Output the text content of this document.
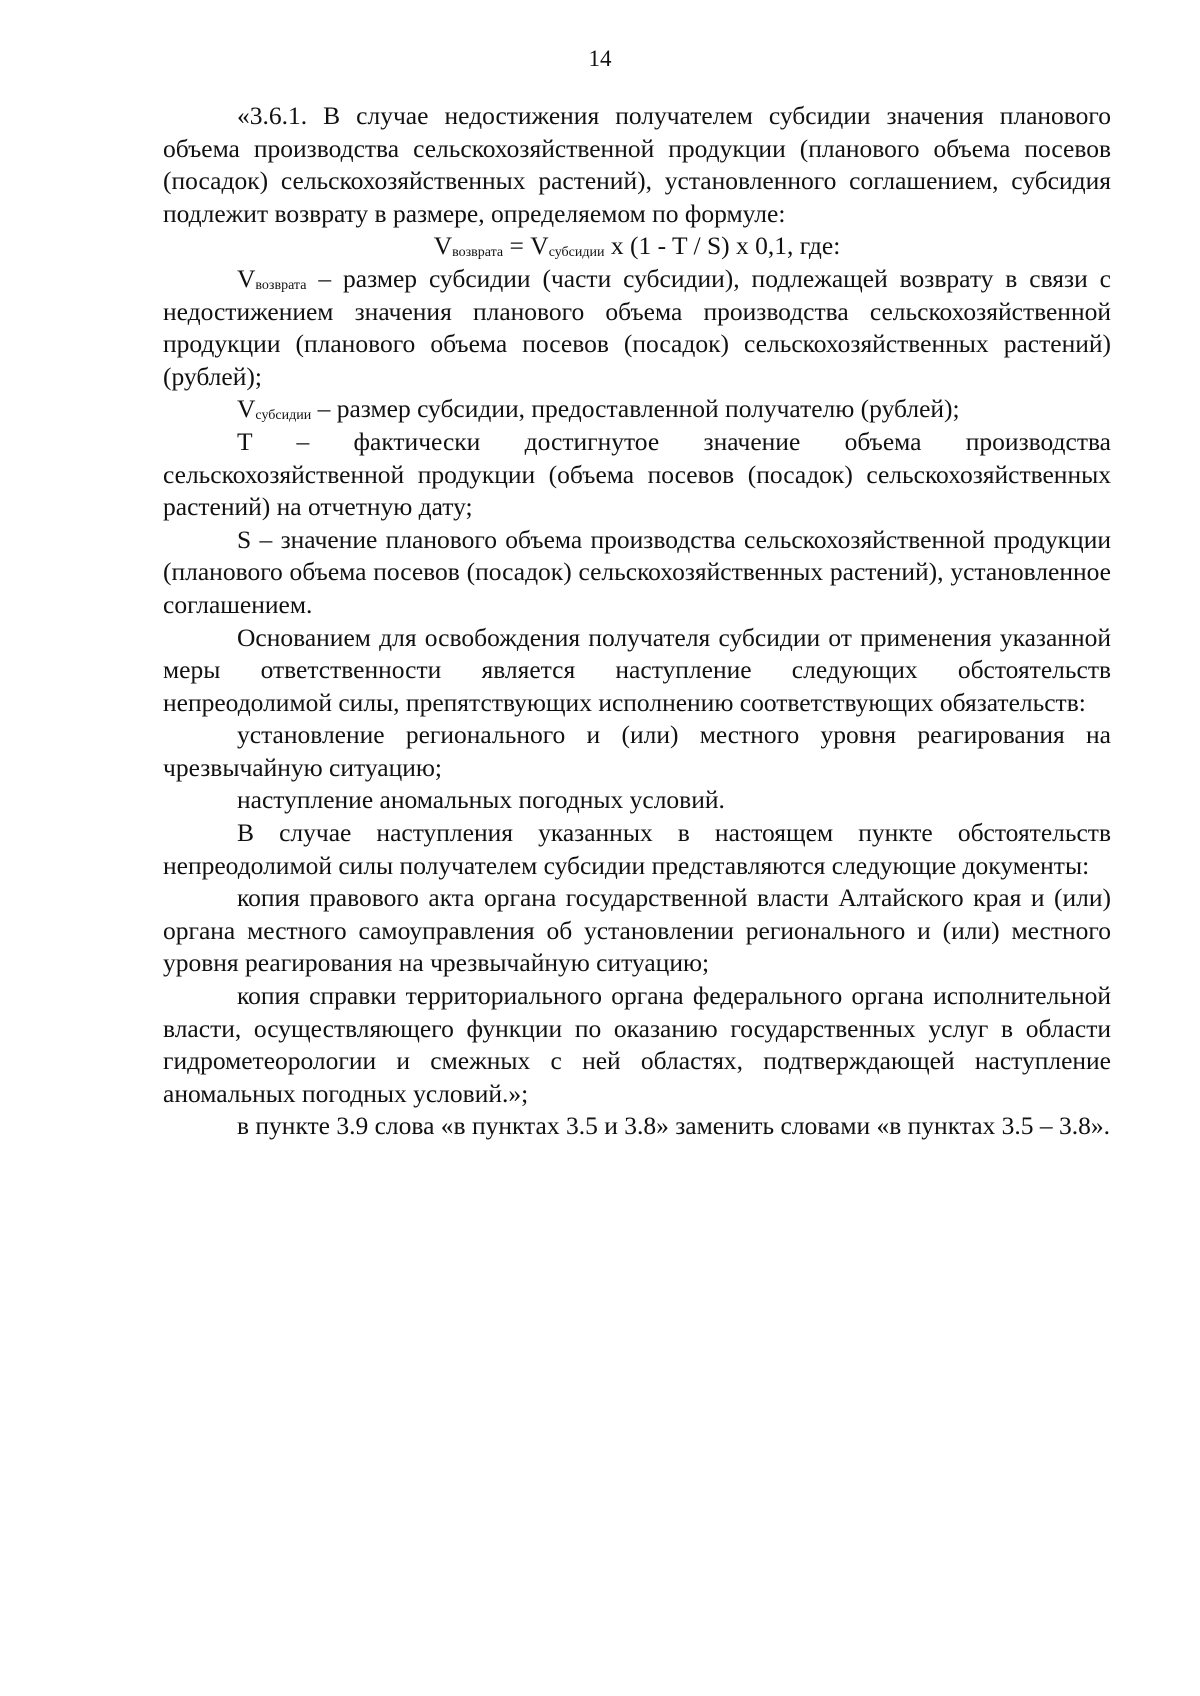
14

«3.6.1. В случае недостижения получателем субсидии значения планового объема производства сельскохозяйственной продукции (планового объема посевов (посадок) сельскохозяйственных растений), установленного соглашением, субсидия подлежит возврату в размере, определяемом по формуле:

$V_{возврата} = V_{субсидии}$ x (1 - T / S) x 0,1, где:

$V_{возврата}$ – размер субсидии (части субсидии), подлежащей возврату в связи с недостижением значения планового объема производства сельскохозяйственной продукции (планового объема посевов (посадок) сельскохозяйственных растений) (рублей);

$V_{субсидии}$ – размер субсидии, предоставленной получателю (рублей);

T – фактически достигнутое значение объема производства сельскохозяйственной продукции (объема посевов (посадок) сельскохозяйственных растений) на отчетную дату;

S – значение планового объема производства сельскохозяйственной продукции (планового объема посевов (посадок) сельскохозяйственных растений), установленное соглашением.

Основанием для освобождения получателя субсидии от применения указанной меры ответственности является наступление следующих обстоятельств непреодолимой силы, препятствующих исполнению соответствующих обязательств:

установление регионального и (или) местного уровня реагирования на чрезвычайную ситуацию;

наступление аномальных погодных условий.

В случае наступления указанных в настоящем пункте обстоятельств непреодолимой силы получателем субсидии представляются следующие документы:

копия правового акта органа государственной власти Алтайского края и (или) органа местного самоуправления об установлении регионального и (или) местного уровня реагирования на чрезвычайную ситуацию;

копия справки территориального органа федерального органа исполнительной власти, осуществляющего функции по оказанию государственных услуг в области гидрометеорологии и смежных с ней областях, подтверждающей наступление аномальных погодных условий.»;

в пункте 3.9 слова «в пунктах 3.5 и 3.8» заменить словами «в пунктах 3.5 – 3.8».
